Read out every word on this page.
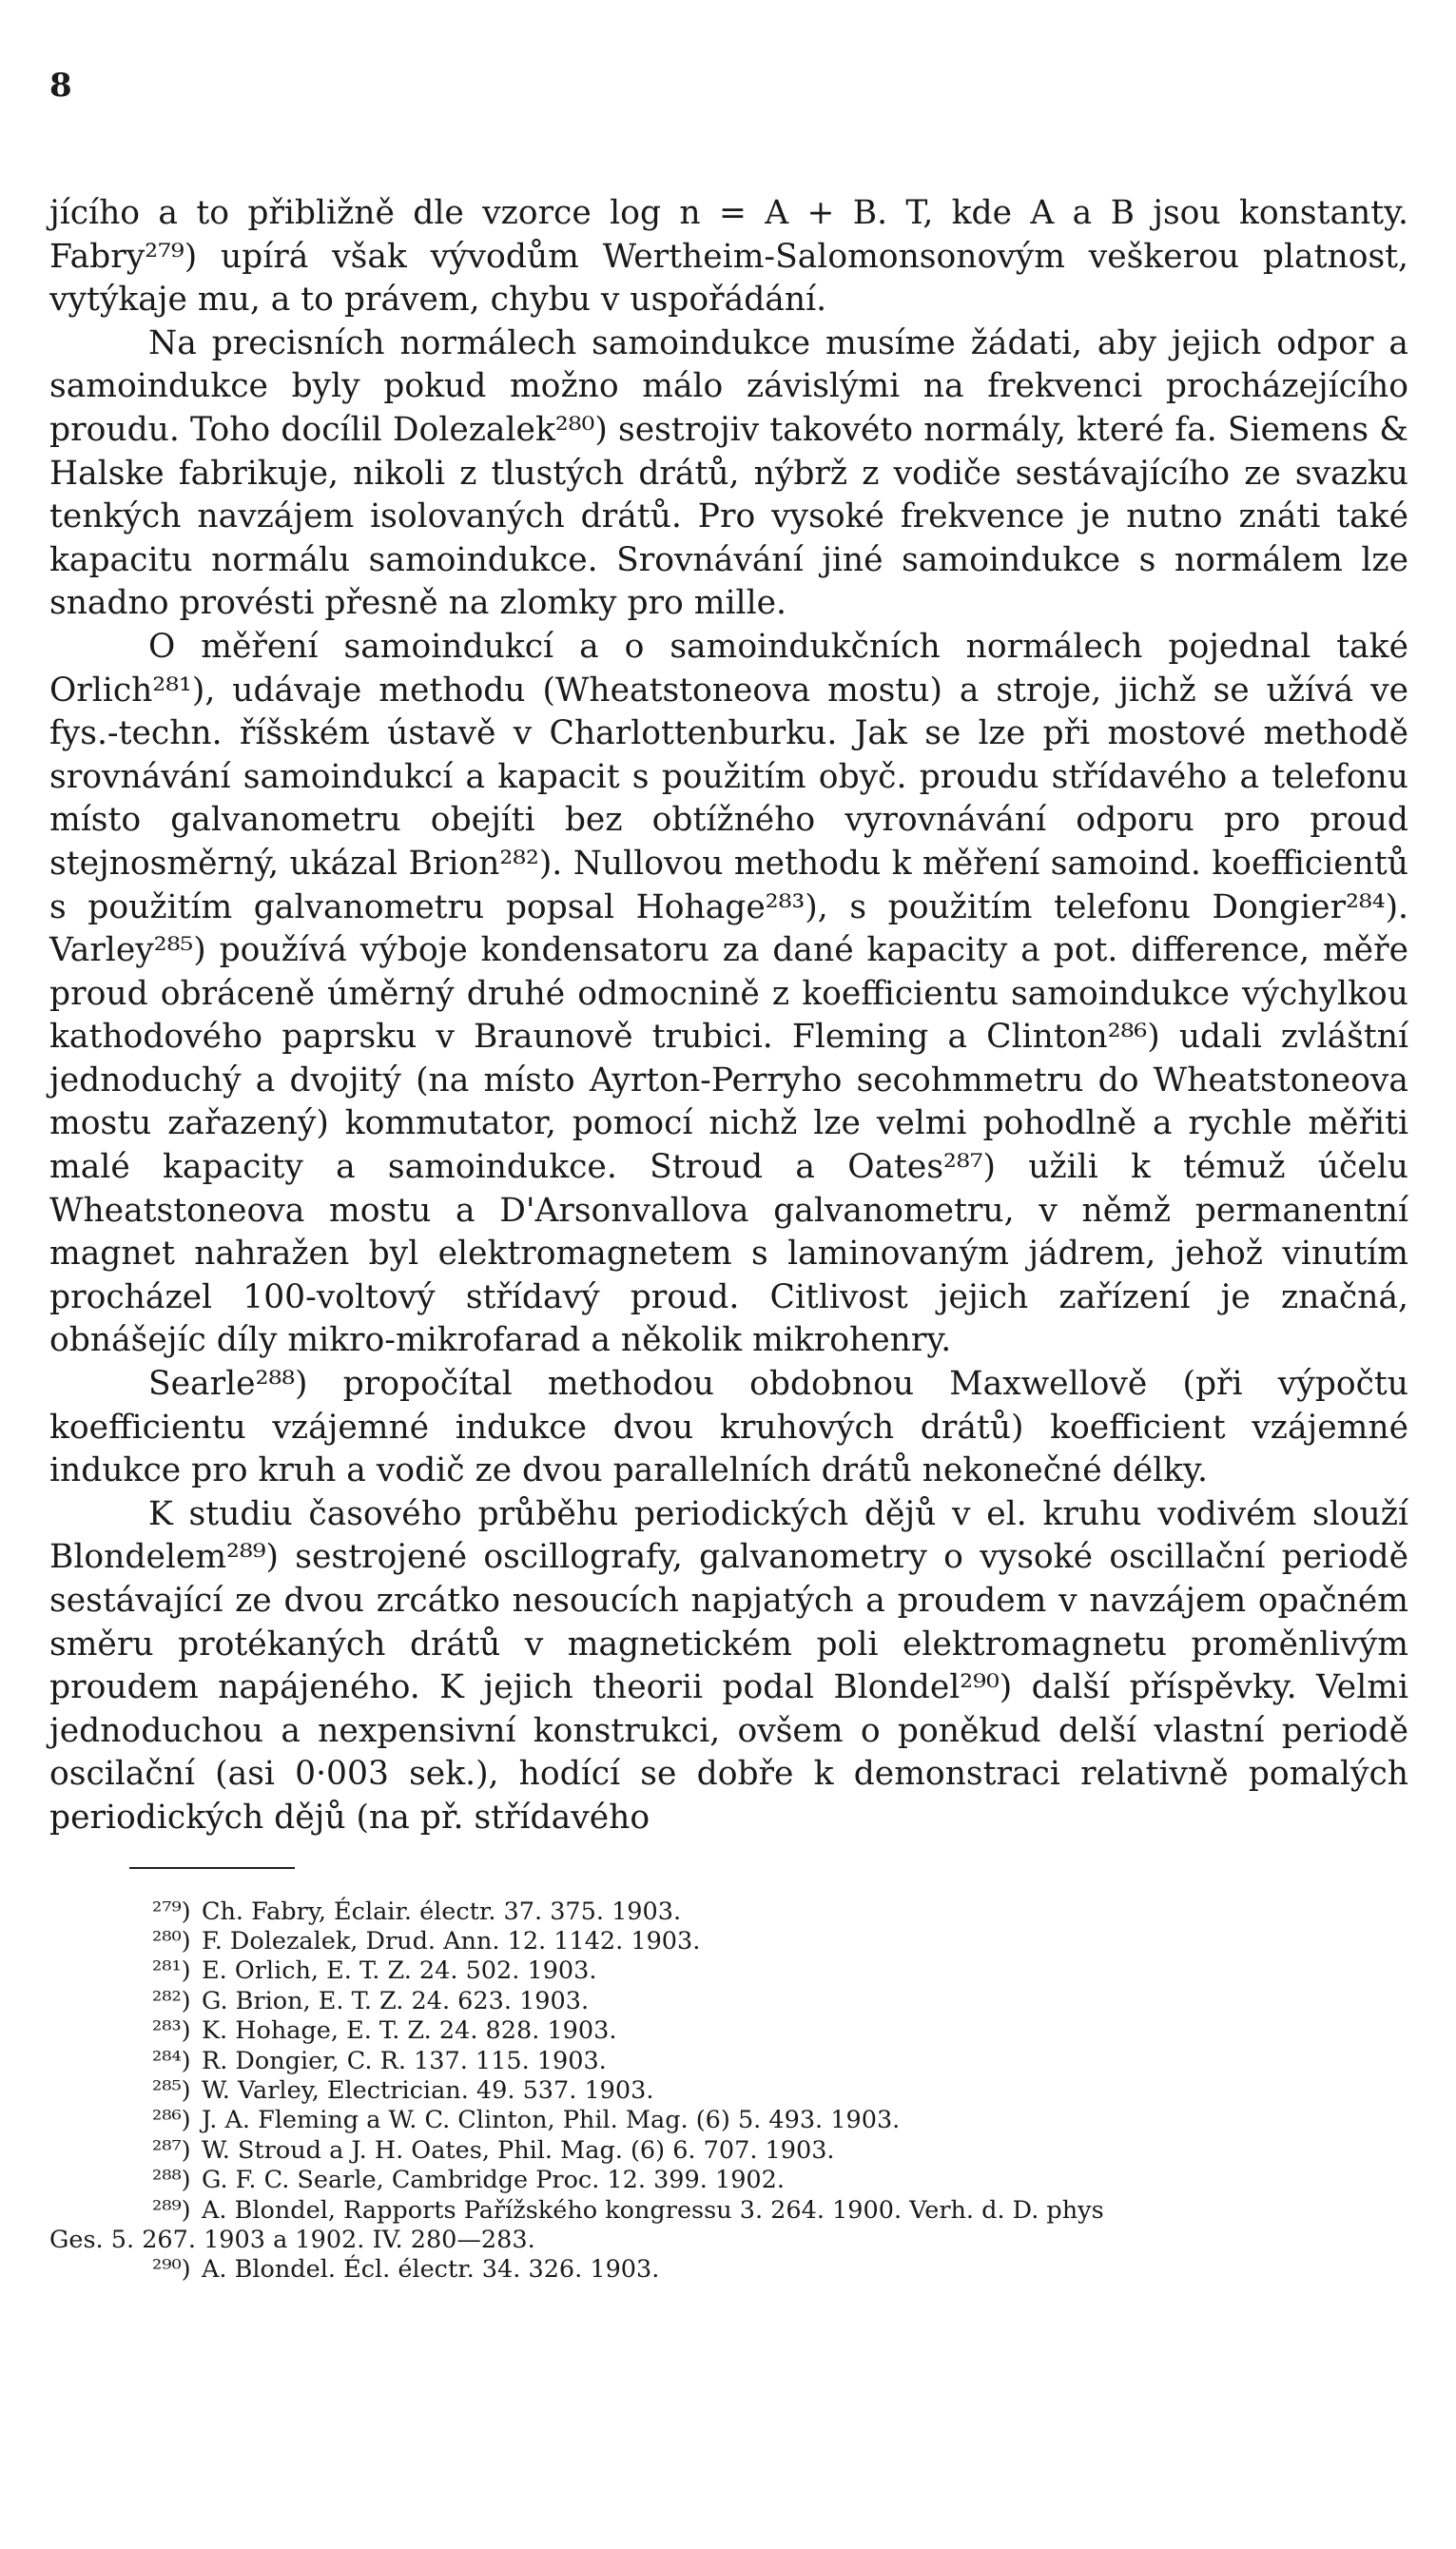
8

jícího a to přibližně dle vzorce log n = A + B. T, kde A a B jsou konstanty. Fabry²⁷⁹) upírá však vývodům Wertheim-Salomonsonovým veškerou platnost, vytýkaje mu, a to právem, chybu v uspořádání.

Na precisních normálech samoindukce musíme žádati, aby jejich odpor a samoindukce byly pokud možno málo závislými na frekvenci procházejícího proudu. Toho docílil Dolezalek²⁸⁰) sestrojiv takovéto normály, které fa. Siemens & Halske fabrikuje, nikoli z tlustých drátů, nýbrž z vodiče sestávajícího ze svazku tenkých navzájem isolovaných drátů. Pro vysoké frekvence je nutno znáti také kapacitu normálu samoindukce. Srovnávání jiné samoindukce s normálem lze snadno provésti přesně na zlomky pro mille.

O měření samoindukcí a o samoindukčních normálech pojednal také Orlich²⁸¹), udávaje methodu (Wheatstoneova mostu) a stroje, jichž se užívá ve fys.-techn. říšském ústavě v Charlottenburku. Jak se lze při mostové methodě srovnávání samoindukcí a kapacit s použitím obyč. proudu střídavého a telefonu místo galvanometru obejíti bez obtížného vyrovnávání odporu pro proud stejnosměrný, ukázal Brion²⁸²). Nullovou methodu k měření samoind. koefficientů s použitím galvanometru popsal Hohage²⁸³), s použitím telefonu Dongier²⁸⁴). Varley²⁸⁵) používá výboje kondensatoru za dané kapacity a pot. difference, měře proud obráceně úměrný druhé odmocnině z koefficientu samoindukce výchylkou kathodového paprsku v Braunově trubici. Fleming a Clinton²⁸⁶) udali zvláštní jednoduchý a dvojitý (na místo Ayrton-Perryho secohmmetru do Wheatstoneova mostu zařazený) kommutator, pomocí nichž lze velmi pohodlně a rychle měřiti malé kapacity a samoindukce. Stroud a Oates²⁸⁷) užili k témuž účelu Wheatstoneova mostu a D'Arsonvallova galvanometru, v němž permanentní magnet nahražen byl elektromagnetem s laminovaným jádrem, jehož vinutím procházel 100-voltový střídavý proud. Citlivost jejich zařízení je značná, obnášejíc díly mikro-mikrofarad a několik mikrohenry.

Searle²⁸⁸) propočítal methodou obdobnou Maxwellově (při výpočtu koefficientu vzájemné indukce dvou kruhových drátů) koefficient vzájemné indukce pro kruh a vodič ze dvou parallelních drátů nekonečné délky.

K studiu časového průběhu periodických dějů v el. kruhu vodivém slouží Blondelem²⁸⁹) sestrojené oscillografy, galvanometry o vysoké oscillační periodě sestávající ze dvou zrcátko nesoucích napjatých a proudem v navzájem opačném směru protékaných drátů v magnetickém poli elektromagnetu proměnlivým proudem napájeného. K jejich theorii podal Blondel²⁹⁰) další příspěvky. Velmi jednoduchou a nexpensivní konstrukci, ovšem o poněkud delší vlastní periodě oscilační (asi 0·003 sek.), hodící se dobře k demonstraci relativně pomalých periodických dějů (na př. střídavého

²⁷⁹) Ch. Fabry, Éclair. électr. 37. 375. 1903.
²⁸⁰) F. Dolezalek, Drud. Ann. 12. 1142. 1903.
²⁸¹) E. Orlich, E. T. Z. 24. 502. 1903.
²⁸²) G. Brion, E. T. Z. 24. 623. 1903.
²⁸³) K. Hohage, E. T. Z. 24. 828. 1903.
²⁸⁴) R. Dongier, C. R. 137. 115. 1903.
²⁸⁵) W. Varley, Electrician. 49. 537. 1903.
²⁸⁶) J. A. Fleming a W. C. Clinton, Phil. Mag. (6) 5. 493. 1903.
²⁸⁷) W. Stroud a J. H. Oates, Phil. Mag. (6) 6. 707. 1903.
²⁸⁸) G. F. C. Searle, Cambridge Proc. 12. 399. 1902.
²⁸⁹) A. Blondel, Rapports Pařížského kongressu 3. 264. 1900. Verh. d. D. phys
Ges. 5. 267. 1903 a 1902. IV. 280—283.
²⁹⁰) A. Blondel. Écl. électr. 34. 326. 1903.
